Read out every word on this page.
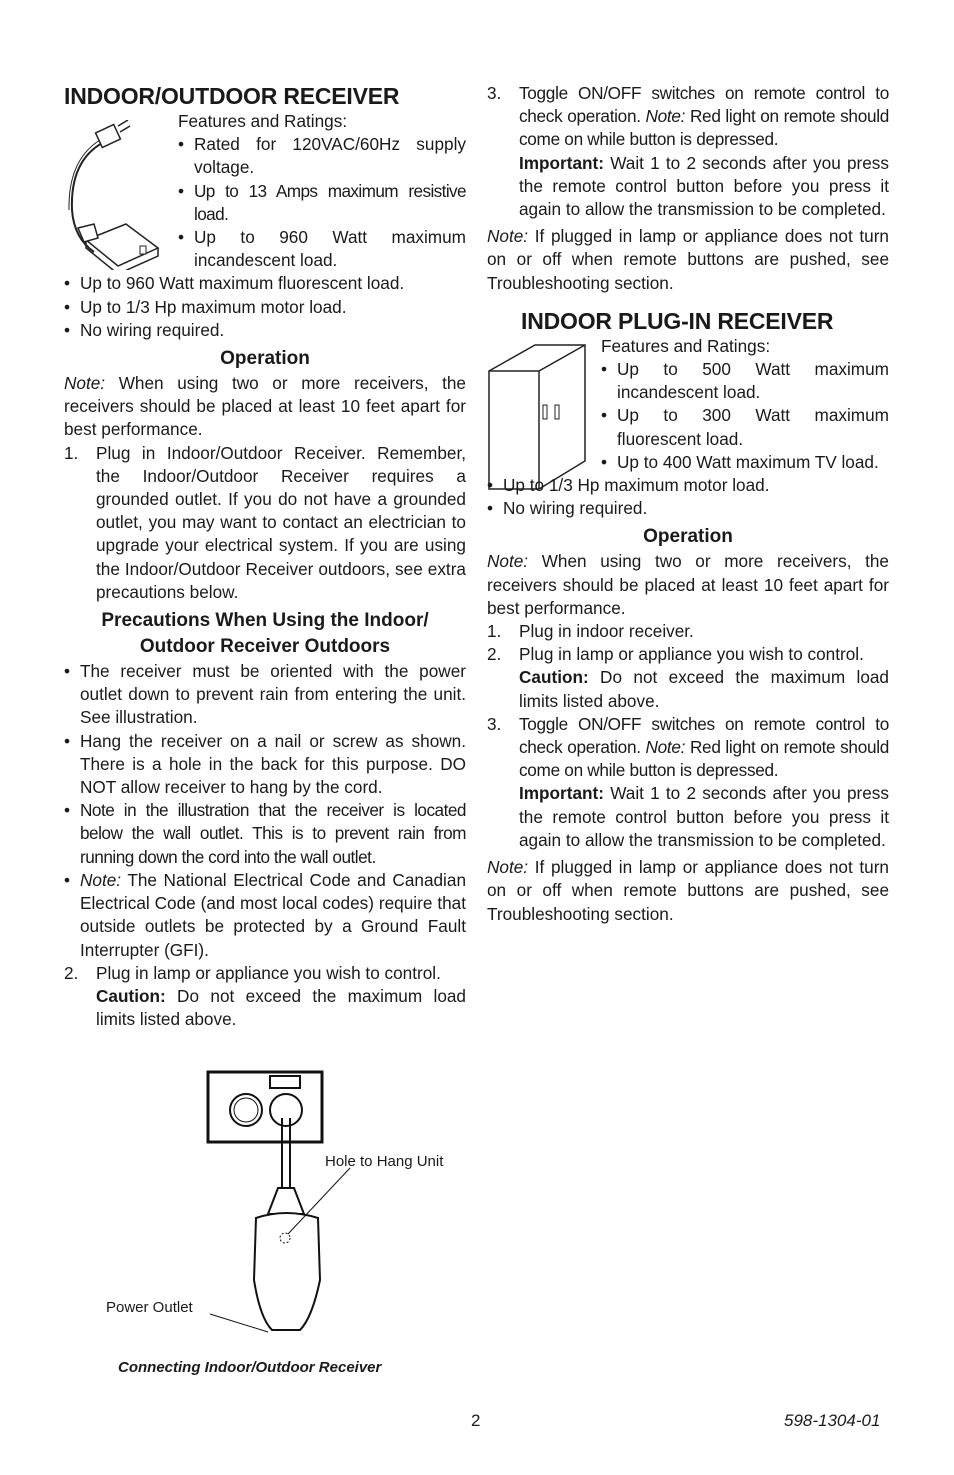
INDOOR/OUTDOOR RECEIVER

Features and Ratings:

• Rated for 120VAC/60Hz supply voltage.
• Up to 13 Amps maximum resistive load.
• Up to 960 Watt maximum incandescent load.
• Up to 960 Watt maximum fluorescent load.
• Up to 1/3 Hp maximum motor load.
• No wiring required.
Operation

Note: When using two or more receivers, the receivers should be placed at least 10 feet apart for best performance.

1. Plug in Indoor/Outdoor Receiver. Remember, the Indoor/Outdoor Receiver requires a grounded outlet. If you do not have a grounded outlet, you may want to contact an electrician to upgrade your electrical system. If you are using the Indoor/Outdoor Receiver outdoors, see extra precautions below.

Precautions When Using the Indoor/
Outdoor Receiver Outdoors
• The receiver must be oriented with the power outlet down to prevent rain from entering the unit. See illustration.
• Hang the receiver on a nail or screw as shown. There is a hole in the back for this purpose. DO NOT allow receiver to hang by the cord.
• Note in the illustration that the receiver is located below the wall outlet. This is to prevent rain from running down the cord into the wall outlet.
• Note: The National Electrical Code and Canadian Electrical Code (and most local codes) require that outside outlets be protected by a Ground Fault Interrupter (GFI).
2. Plug in lamp or appliance you wish to control.

Caution: Do not exceed the maximum load limits listed above.

Hole to Hang Unit
Power Outlet
Connecting Indoor/Outdoor Receiver
3. Toggle ON/OFF switches on remote control to check operation. Note: Red light on remote should come on while button is depressed.

Important: Wait 1 to 2 seconds after you press the remote control button before you press it again to allow the transmission to be completed.

Note: If plugged in lamp or appliance does not turn on or off when remote buttons are pushed, see Troubleshooting section.

INDOOR PLUG-IN RECEIVER

Features and Ratings:

• Up to 500 Watt maximum incandescent load.
• Up to 300 Watt maximum fluorescent load.
• Up to 400 Watt maximum TV load.
• Up to 1/3 Hp maximum motor load.
• No wiring required.
Operation

Note: When using two or more receivers, the receivers should be placed at least 10 feet apart for best performance.

1. Plug in indoor receiver.

2. Plug in lamp or appliance you wish to control.

Caution: Do not exceed the maximum load limits listed above.

3. Toggle ON/OFF switches on remote control to check operation. Note: Red light on remote should come on while button is depressed.

Important: Wait 1 to 2 seconds after you press the remote control button before you press it again to allow the transmission to be completed.

Note: If plugged in lamp or appliance does not turn on or off when remote buttons are pushed, see Troubleshooting section.

2	598-1304-01
